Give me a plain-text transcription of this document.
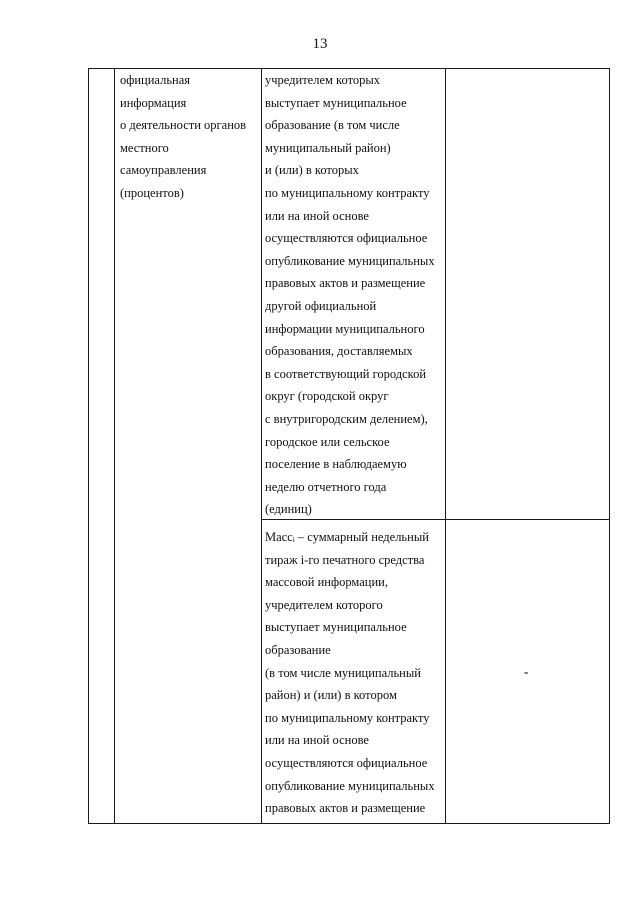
13
официальная
информация
о деятельности органов
местного
самоуправления
(процентов)
учредителем которых
выступает муниципальное
образование (в том числе
муниципальный район)
и (или) в которых
по муниципальному контракту
или на иной основе
осуществляются официальное
опубликование муниципальных
правовых актов и размещение
другой официальной
информации муниципального
образования, доставляемых
в соответствующий городской
округ (городской округ
с внутригородским делением),
городское или сельское
поселение в наблюдаемую
неделю отчетного года
(единиц)
Массᵢ – суммарный недельный
тираж i-го печатного средства
массовой информации,
учредителем которого
выступает муниципальное
образование
(в том числе муниципальный
район) и (или) в котором
по муниципальному контракту
или на иной основе
осуществляются официальное
опубликование муниципальных
правовых актов и размещение
-
